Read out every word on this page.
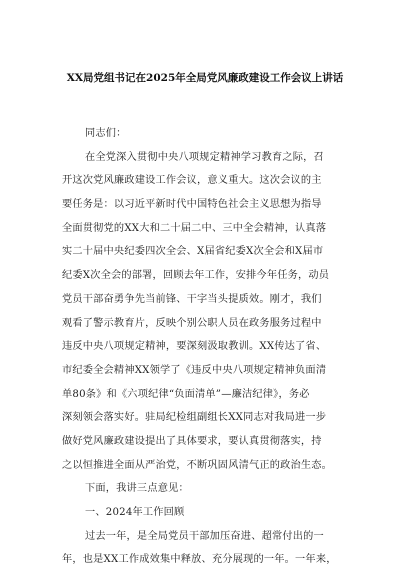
XX局党组书记在2025年全局党风廉政建设工作会议上讲话
同志们：
在全党深入贯彻中央八项规定精神学习教育之际，召
开这次党风廉政建设工作会议，意义重大。这次会议的主
要任务是：以习近平新时代中国特色社会主义思想为指导
全面贯彻党的XX大和二十届二中、三中全会精神，认真落
实二十届中央纪委四次全会、X届省纪委X次全会和X届市
纪委X次全会的部署，回顾去年工作，安排今年任务，动员
党员干部奋勇争先当前锋、干字当头提质效。刚才，我们
观看了警示教育片，反映个别公职人员在政务服务过程中
违反中央八项规定精神，要深刻汲取教训。XX传达了省、
市纪委全会精神XX领学了《违反中央八项规定精神负面清
单80条》和《六项纪律“负面清单”—廉洁纪律》，务必
深刻领会落实好。驻局纪检组副组长XX同志对我局进一步
做好党风廉政建设提出了具体要求，要认真贯彻落实，持
之以恒推进全面从严治党，不断巩固风清气正的政治生态。
下面，我讲三点意见：
一、2024年工作回顾
过去一年，是全局党员干部加压奋进、超常付出的一
年，也是XX工作成效集中释放、充分展现的一年。一年来，
